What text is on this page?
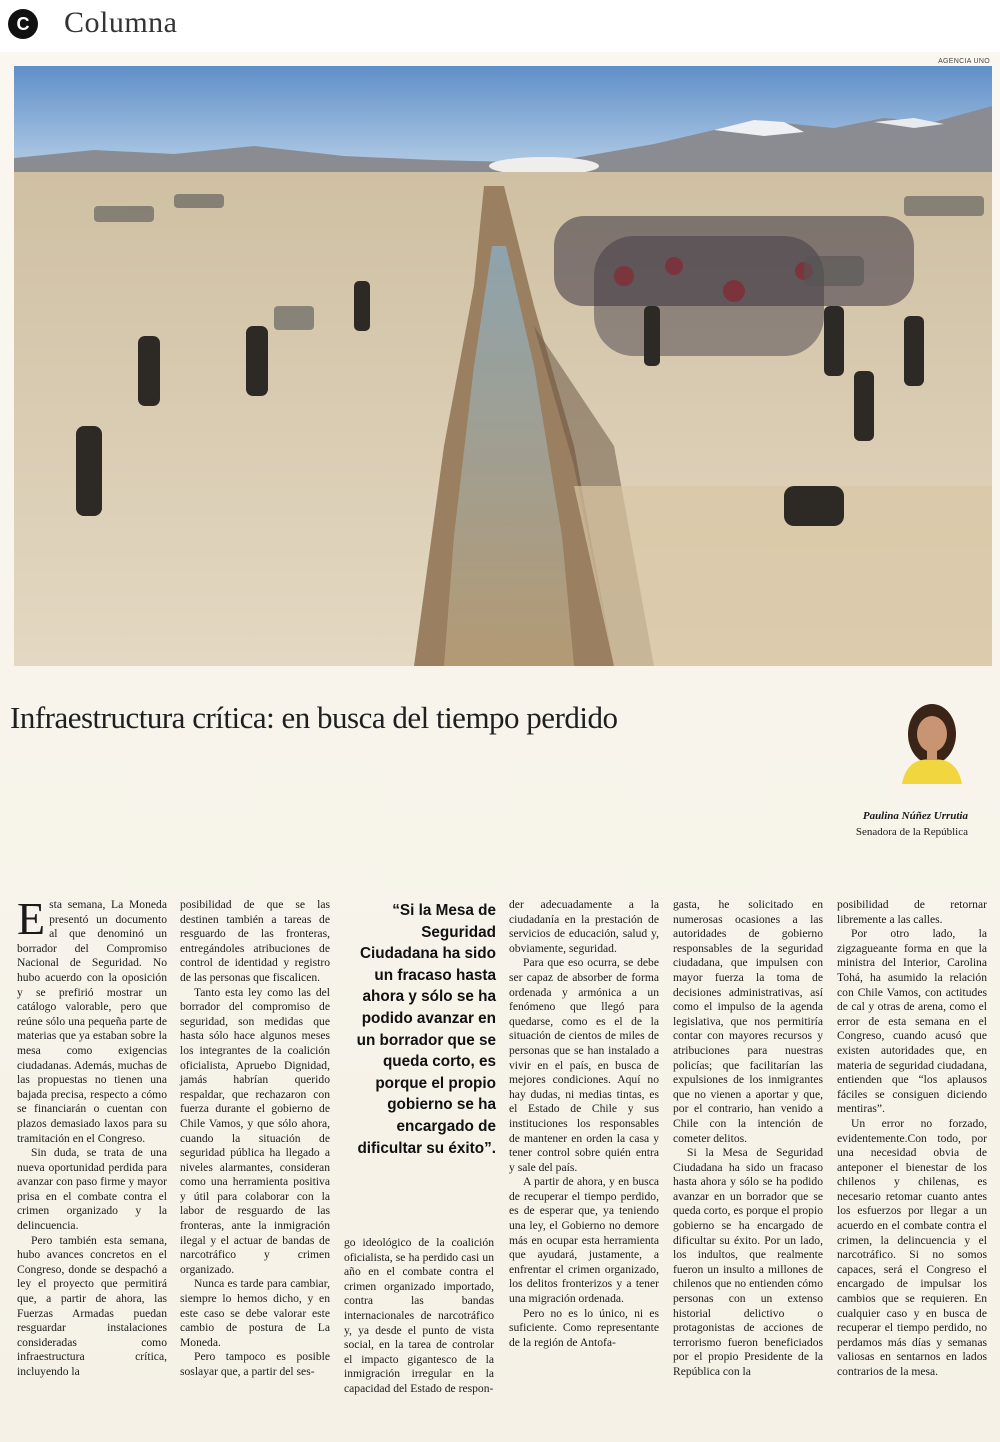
C Columna
AGENCIA UNO
Infraestructura crítica: en busca del tiempo perdido
Paulina Núñez Urrutia
Senadora de la República

Esta semana, La Moneda presentó un documento al que denominó un borrador del Compromiso Nacional de Seguridad. No hubo acuerdo con la oposición y se prefirió mostrar un catálogo valorable, pero que reúne sólo una pequeña parte de materias que ya estaban sobre la mesa como exigencias ciudadanas. Además, muchas de las propuestas no tienen una bajada precisa, respecto a cómo se financiarán o cuentan con plazos demasiado laxos para su tramitación en el Congreso.

Sin duda, se trata de una nueva oportunidad perdida para avanzar con paso firme y mayor prisa en el combate contra el crimen organizado y la delincuencia.

Pero también esta semana, hubo avances concretos en el Congreso, donde se despachó a ley el proyecto que permitirá que, a partir de ahora, las Fuerzas Armadas puedan resguardar instalaciones consideradas como infraestructura crítica, incluyendo la

posibilidad de que se las destinen también a tareas de resguardo de las fronteras, entregándoles atribuciones de control de identidad y registro de las personas que fiscalicen.

Tanto esta ley como las del borrador del compromiso de seguridad, son medidas que hasta sólo hace algunos meses los integrantes de la coalición oficialista, Apruebo Dignidad, jamás habrían querido respaldar, que rechazaron con fuerza durante el gobierno de Chile Vamos, y que sólo ahora, cuando la situación de seguridad pública ha llegado a niveles alarmantes, consideran como una herramienta positiva y útil para colaborar con la labor de resguardo de las fronteras, ante la inmigración ilegal y el actuar de bandas de narcotráfico y crimen organizado.

Nunca es tarde para cambiar, siempre lo hemos dicho, y en este caso se debe valorar este cambio de postura de La Moneda.

Pero tampoco es posible soslayar que, a partir del ses-

“Si la Mesa de Seguridad Ciudadana ha sido un fracaso hasta ahora y sólo se ha podido avanzar en un borrador que se queda corto, es porque el propio gobierno se ha encargado de dificultar su éxito”.

go ideológico de la coalición oficialista, se ha perdido casi un año en el combate contra el crimen organizado importado, contra las bandas internacionales de narcotráfico y, ya desde el punto de vista social, en la tarea de controlar el impacto gigantesco de la inmigración irregular en la capacidad del Estado de respon-

der adecuadamente a la ciudadanía en la prestación de servicios de educación, salud y, obviamente, seguridad.

Para que eso ocurra, se debe ser capaz de absorber de forma ordenada y armónica a un fenómeno que llegó para quedarse, como es el de la situación de cientos de miles de personas que se han instalado a vivir en el país, en busca de mejores condiciones. Aquí no hay dudas, ni medias tintas, es el Estado de Chile y sus instituciones los responsables de mantener en orden la casa y tener control sobre quién entra y sale del país.

A partir de ahora, y en busca de recuperar el tiempo perdido, es de esperar que, ya teniendo una ley, el Gobierno no demore más en ocupar esta herramienta que ayudará, justamente, a enfrentar el crimen organizado, los delitos fronterizos y a tener una migración ordenada.

Pero no es lo único, ni es suficiente. Como representante de la región de Antofa-

gasta, he solicitado en numerosas ocasiones a las autoridades de gobierno responsables de la seguridad ciudadana, que impulsen con mayor fuerza la toma de decisiones administrativas, así como el impulso de la agenda legislativa, que nos permitiría contar con mayores recursos y atribuciones para nuestras policías; que facilitarían las expulsiones de los inmigrantes que no vienen a aportar y que, por el contrario, han venido a Chile con la intención de cometer delitos.

Si la Mesa de Seguridad Ciudadana ha sido un fracaso hasta ahora y sólo se ha podido avanzar en un borrador que se queda corto, es porque el propio gobierno se ha encargado de dificultar su éxito. Por un lado, los indultos, que realmente fueron un insulto a millones de chilenos que no entienden cómo personas con un extenso historial delictivo o protagonistas de acciones de terrorismo fueron beneficiados por el propio Presidente de la República con la

posibilidad de retornar libremente a las calles.

Por otro lado, la zigzagueante forma en que la ministra del Interior, Carolina Tohá, ha asumido la relación con Chile Vamos, con actitudes de cal y otras de arena, como el error de esta semana en el Congreso, cuando acusó que existen autoridades que, en materia de seguridad ciudadana, entienden que “los aplausos fáciles se consiguen diciendo mentiras”.

Un error no forzado, evidentemente.Con todo, por una necesidad obvia de anteponer el bienestar de los chilenos y chilenas, es necesario retomar cuanto antes los esfuerzos por llegar a un acuerdo en el combate contra el crimen, la delincuencia y el narcotráfico. Si no somos capaces, será el Congreso el encargado de impulsar los cambios que se requieren. En cualquier caso y en busca de recuperar el tiempo perdido, no perdamos más días y semanas valiosas en sentarnos en lados contrarios de la mesa.
